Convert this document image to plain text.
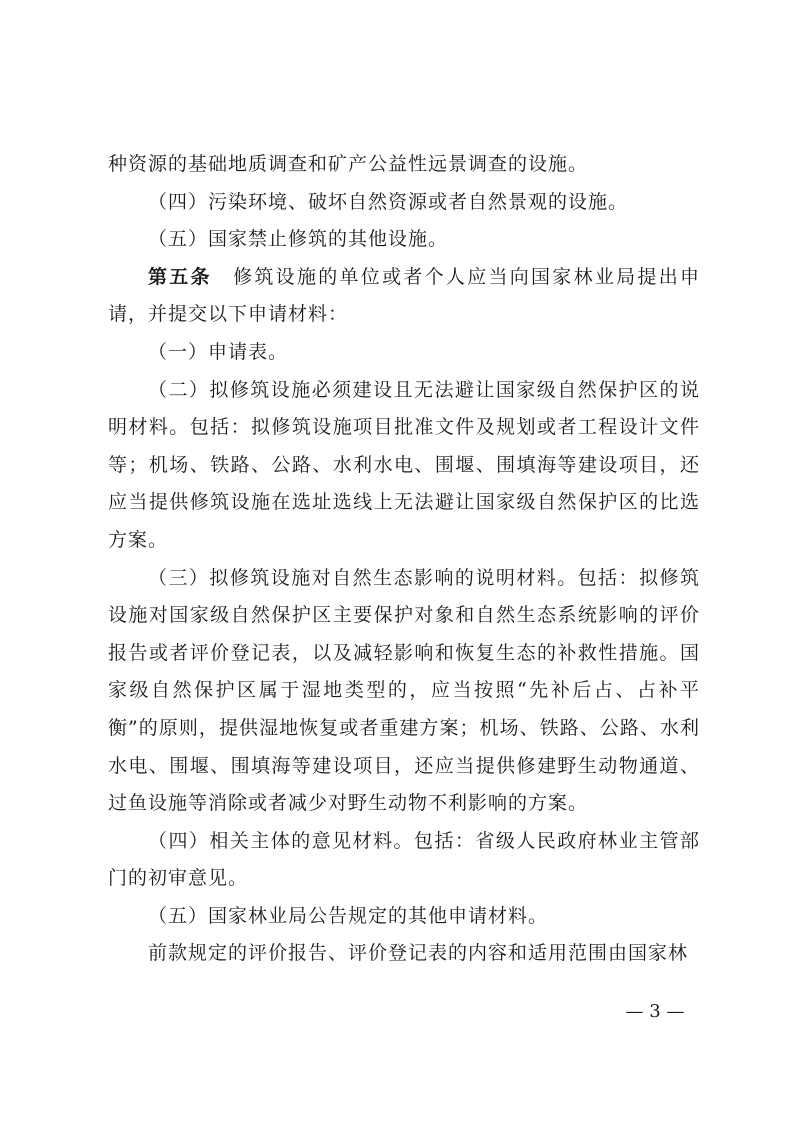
种资源的基础地质调查和矿产公益性远景调查的设施。

（四）污染环境、破坏自然资源或者自然景观的设施。

（五）国家禁止修筑的其他设施。

第五条　修筑设施的单位或者个人应当向国家林业局提出申请，并提交以下申请材料：

（一）申请表。

（二）拟修筑设施必须建设且无法避让国家级自然保护区的说明材料。包括：拟修筑设施项目批准文件及规划或者工程设计文件等；机场、铁路、公路、水利水电、围堰、围填海等建设项目，还应当提供修筑设施在选址选线上无法避让国家级自然保护区的比选方案。

（三）拟修筑设施对自然生态影响的说明材料。包括：拟修筑设施对国家级自然保护区主要保护对象和自然生态系统影响的评价报告或者评价登记表，以及减轻影响和恢复生态的补救性措施。国家级自然保护区属于湿地类型的，应当按照“先补后占、占补平衡”的原则，提供湿地恢复或者重建方案；机场、铁路、公路、水利水电、围堰、围填海等建设项目，还应当提供修建野生动物通道、过鱼设施等消除或者减少对野生动物不利影响的方案。

（四）相关主体的意见材料。包括：省级人民政府林业主管部门的初审意见。

（五）国家林业局公告规定的其他申请材料。

前款规定的评价报告、评价登记表的内容和适用范围由国家林

— 3 —
